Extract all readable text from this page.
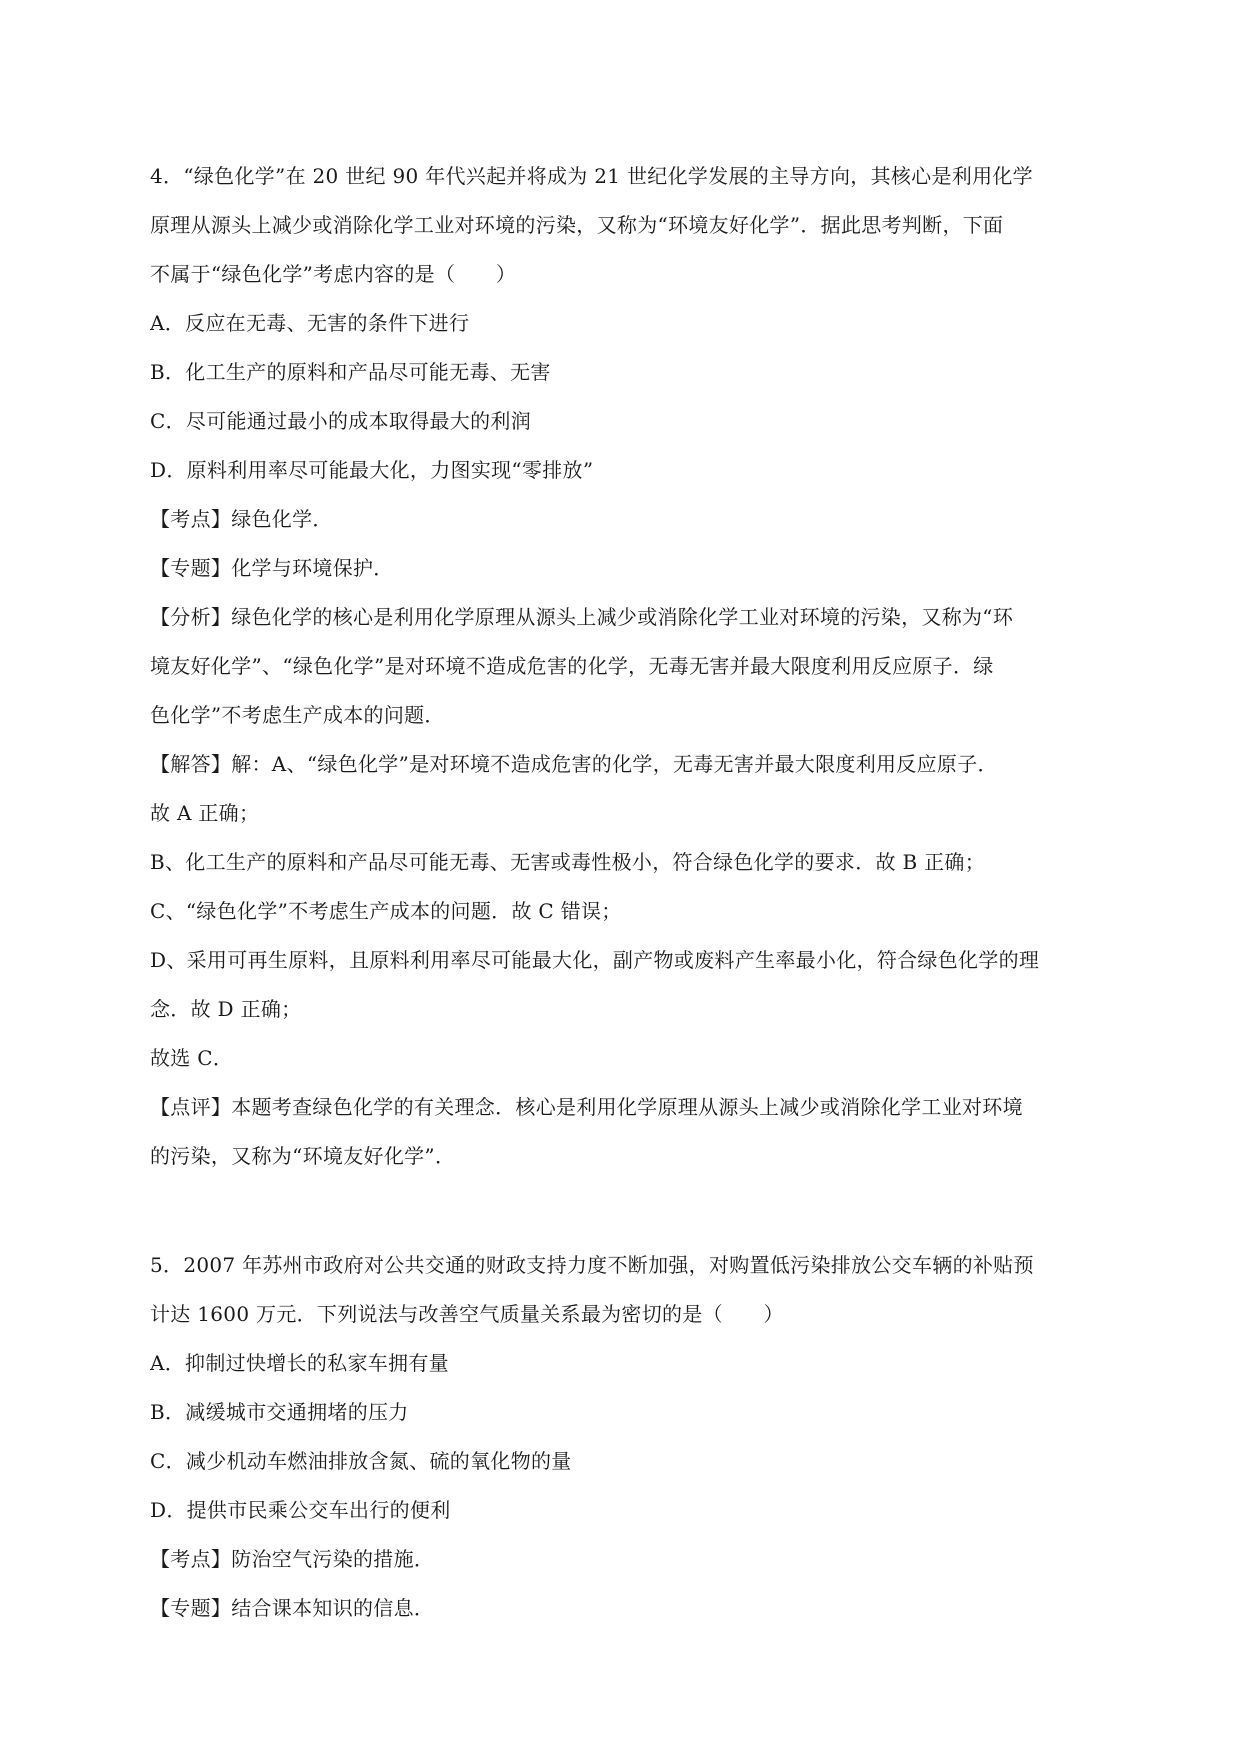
4．“绿色化学”在 20 世纪 90 年代兴起并将成为 21 世纪化学发展的主导方向，其核心是利用化学
原理从源头上减少或消除化学工业对环境的污染，又称为“环境友好化学”．据此思考判断，下面
不属于“绿色化学”考虑内容的是（　　）
A．反应在无毒、无害的条件下进行
B．化工生产的原料和产品尽可能无毒、无害
C．尽可能通过最小的成本取得最大的利润
D．原料利用率尽可能最大化，力图实现“零排放”
【考点】绿色化学．
【专题】化学与环境保护．
【分析】绿色化学的核心是利用化学原理从源头上减少或消除化学工业对环境的污染，又称为“环
境友好化学”、“绿色化学”是对环境不造成危害的化学，无毒无害并最大限度利用反应原子．绿
色化学”不考虑生产成本的问题．
【解答】解：A、“绿色化学”是对环境不造成危害的化学，无毒无害并最大限度利用反应原子．
故 A 正确；
B、化工生产的原料和产品尽可能无毒、无害或毒性极小，符合绿色化学的要求．故 B 正确；
C、“绿色化学”不考虑生产成本的问题．故 C 错误；
D、采用可再生原料，且原料利用率尽可能最大化，副产物或废料产生率最小化，符合绿色化学的理
念．故 D 正确；
故选 C．
【点评】本题考查绿色化学的有关理念．核心是利用化学原理从源头上减少或消除化学工业对环境
的污染，又称为“环境友好化学”．
5．2007 年苏州市政府对公共交通的财政支持力度不断加强，对购置低污染排放公交车辆的补贴预
计达 1600 万元．下列说法与改善空气质量关系最为密切的是（　　）
A．抑制过快增长的私家车拥有量
B．减缓城市交通拥堵的压力
C．减少机动车燃油排放含氮、硫的氧化物的量
D．提供市民乘公交车出行的便利
【考点】防治空气污染的措施．
【专题】结合课本知识的信息．
